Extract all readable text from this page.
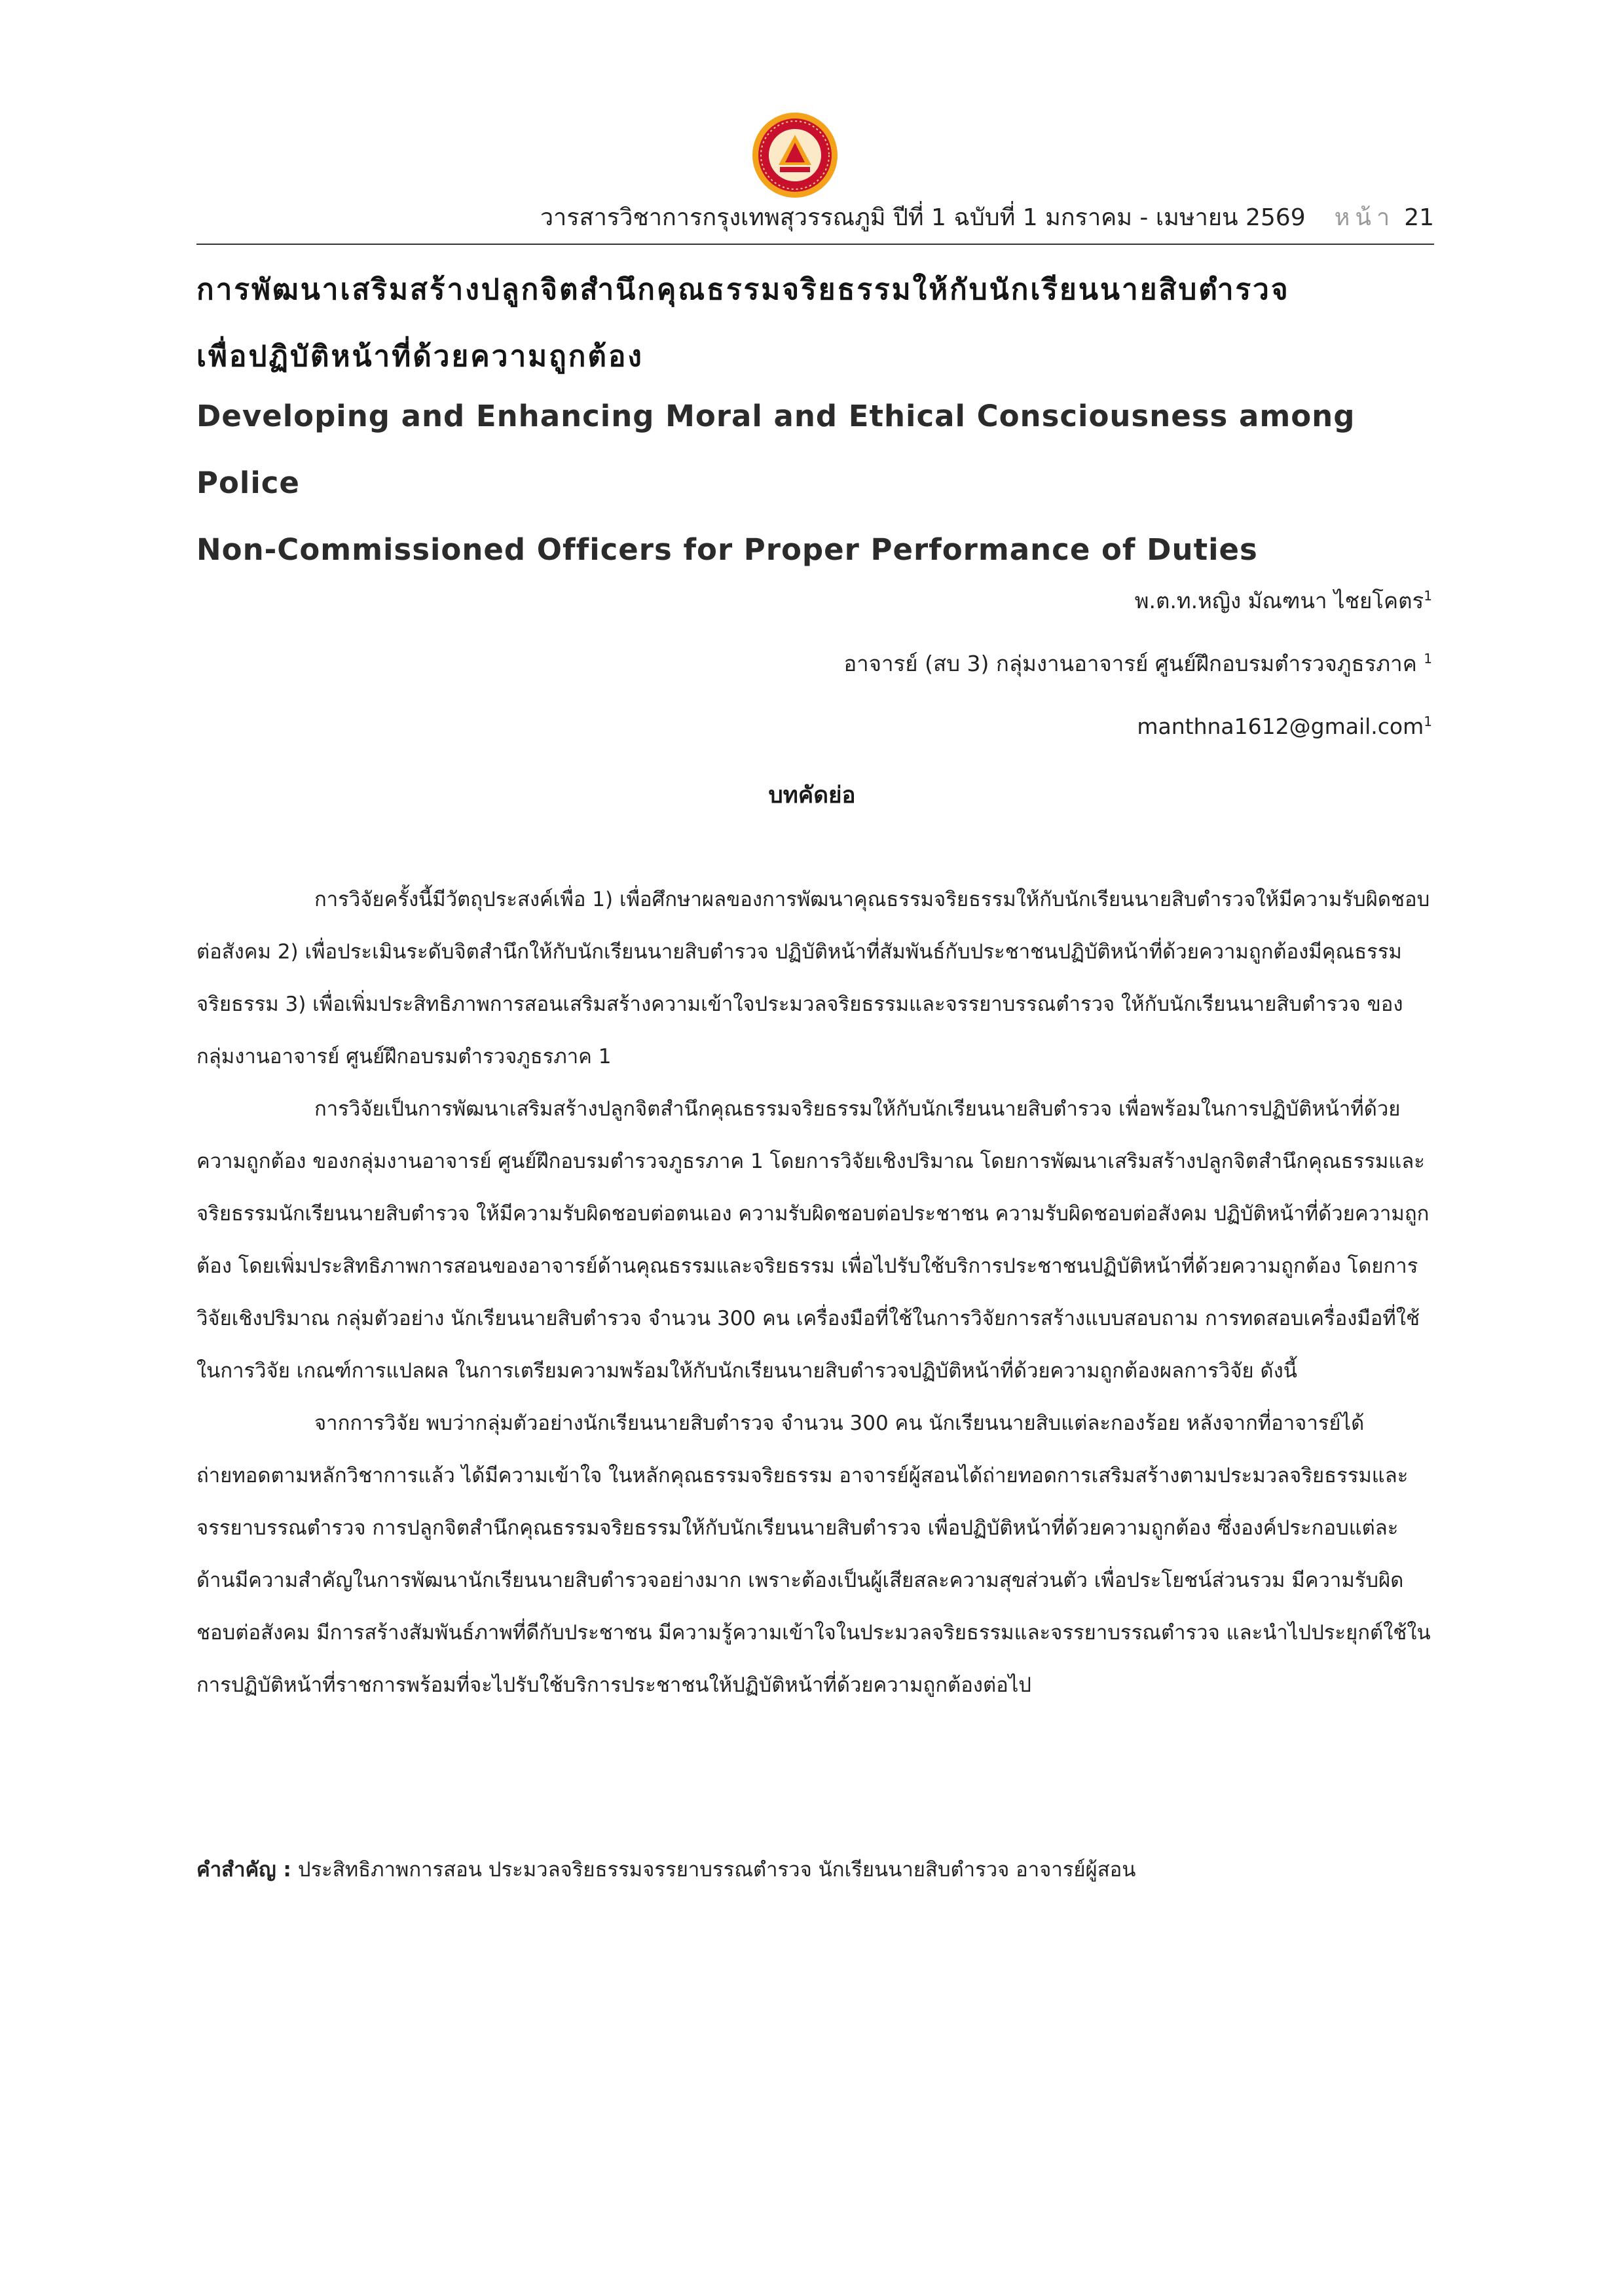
วารสารวิชาการกรุงเทพสุวรรณภูมิ ปีที่ 1 ฉบับที่ 1 มกราคม - เมษายน 2569 หน้า 21
การพัฒนาเสริมสร้างปลูกจิตสำนึกคุณธรรมจริยธรรมให้กับนักเรียนนายสิบตำรวจ
เพื่อปฏิบัติหน้าที่ด้วยความถูกต้อง
Developing and Enhancing Moral and Ethical Consciousness among Police
Non-Commissioned Officers for Proper Performance of Duties
พ.ต.ท.หญิง มัณฑนา ไชยโคตร$^1$
อาจารย์ (สบ 3) กลุ่มงานอาจารย์ ศูนย์ฝึกอบรมตำรวจภูธรภาค $^1$
manthna1612@gmail.com$^1$
บทคัดย่อ

การวิจัยครั้งนี้มีวัตถุประสงค์เพื่อ 1) เพื่อศึกษาผลของการพัฒนาคุณธรรมจริยธรรมให้กับนักเรียนนายสิบตำรวจให้มีความรับผิดชอบต่อสังคม 2) เพื่อประเมินระดับจิตสำนึกให้กับนักเรียนนายสิบตำรวจ ปฏิบัติหน้าที่สัมพันธ์กับประชาชนปฏิบัติหน้าที่ด้วยความถูกต้องมีคุณธรรมจริยธรรม 3) เพื่อเพิ่มประสิทธิภาพการสอนเสริมสร้างความเข้าใจประมวลจริยธรรมและจรรยาบรรณตำรวจ ให้กับนักเรียนนายสิบตำรวจ ของกลุ่มงานอาจารย์ ศูนย์ฝึกอบรมตำรวจภูธรภาค 1

การวิจัยเป็นการพัฒนาเสริมสร้างปลูกจิตสำนึกคุณธรรมจริยธรรมให้กับนักเรียนนายสิบตำรวจ เพื่อพร้อมในการปฏิบัติหน้าที่ด้วยความถูกต้อง ของกลุ่มงานอาจารย์ ศูนย์ฝึกอบรมตำรวจภูธรภาค 1 โดยการวิจัยเชิงปริมาณ โดยการพัฒนาเสริมสร้างปลูกจิตสำนึกคุณธรรมและจริยธรรมนักเรียนนายสิบตำรวจ ให้มีความรับผิดชอบต่อตนเอง ความรับผิดชอบต่อประชาชน ความรับผิดชอบต่อสังคม ปฏิบัติหน้าที่ด้วยความถูกต้อง โดยเพิ่มประสิทธิภาพการสอนของอาจารย์ด้านคุณธรรมและจริยธรรม เพื่อไปรับใช้บริการประชาชนปฏิบัติหน้าที่ด้วยความถูกต้อง โดยการวิจัยเชิงปริมาณ กลุ่มตัวอย่าง นักเรียนนายสิบตำรวจ จำนวน 300 คน เครื่องมือที่ใช้ในการวิจัยการสร้างแบบสอบถาม การทดสอบเครื่องมือที่ใช้ในการวิจัย เกณฑ์การแปลผล ในการเตรียมความพร้อมให้กับนักเรียนนายสิบตำรวจปฏิบัติหน้าที่ด้วยความถูกต้องผลการวิจัย ดังนี้

จากการวิจัย พบว่ากลุ่มตัวอย่างนักเรียนนายสิบตำรวจ จำนวน 300 คน นักเรียนนายสิบแต่ละกองร้อย หลังจากที่อาจารย์ได้ถ่ายทอดตามหลักวิชาการแล้ว ได้มีความเข้าใจ ในหลักคุณธรรมจริยธรรม อาจารย์ผู้สอนได้ถ่ายทอดการเสริมสร้างตามประมวลจริยธรรมและจรรยาบรรณตำรวจ การปลูกจิตสำนึกคุณธรรมจริยธรรมให้กับนักเรียนนายสิบตำรวจ เพื่อปฏิบัติหน้าที่ด้วยความถูกต้อง ซึ่งองค์ประกอบแต่ละด้านมีความสำคัญในการพัฒนานักเรียนนายสิบตำรวจอย่างมาก เพราะต้องเป็นผู้เสียสละความสุขส่วนตัว เพื่อประโยชน์ส่วนรวม มีความรับผิดชอบต่อสังคม มีการสร้างสัมพันธ์ภาพที่ดีกับประชาชน มีความรู้ความเข้าใจในประมวลจริยธรรมและจรรยาบรรณตำรวจ และนำไปประยุกต์ใช้ในการปฏิบัติหน้าที่ราชการพร้อมที่จะไปรับใช้บริการประชาชนให้ปฏิบัติหน้าที่ด้วยความถูกต้องต่อไป

คำสำคัญ : ประสิทธิภาพการสอน ประมวลจริยธรรมจรรยาบรรณตำรวจ นักเรียนนายสิบตำรวจ อาจารย์ผู้สอน
